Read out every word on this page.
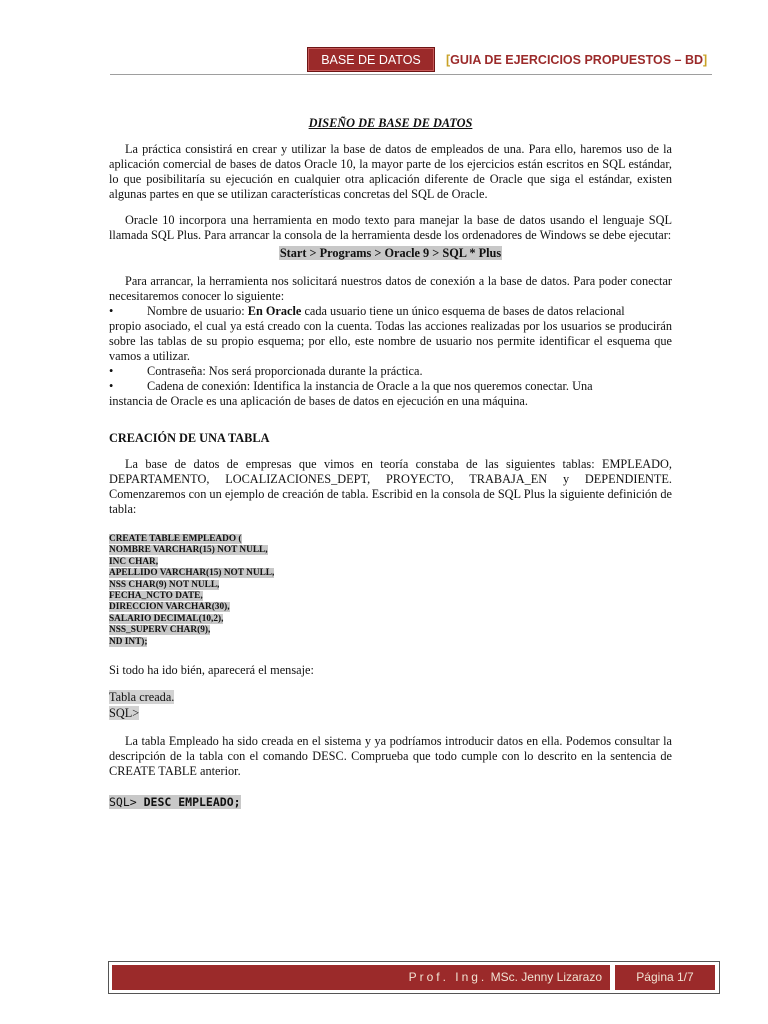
BASE DE DATOS	[GUIA DE EJERCICIOS PROPUESTOS – BD]

DISEÑO DE BASE DE DATOS

La práctica consistirá en crear y utilizar la base de datos de empleados de una. Para ello, haremos uso de la aplicación comercial de bases de datos Oracle 10, la mayor parte de los ejercicios están escritos en SQL estándar, lo que posibilitaría su ejecución en cualquier otra aplicación diferente de Oracle que siga el estándar, existen algunas partes en que se utilizan características concretas del SQL de Oracle.

Oracle 10 incorpora una herramienta en modo texto para manejar la base de datos usando el lenguaje SQL llamada SQL Plus. Para arrancar la consola de la herramienta desde los ordenadores de Windows se debe ejecutar:

Start > Programs > Oracle 9 > SQL * Plus

Para arrancar, la herramienta nos solicitará nuestros datos de conexión a la base de datos. Para poder conectar necesitaremos conocer lo siguiente:

•	Nombre de usuario: En Oracle cada usuario tiene un único esquema de bases de datos relacional

propio asociado, el cual ya está creado con la cuenta. Todas las acciones realizadas por los usuarios se producirán sobre las tablas de su propio esquema; por ello, este nombre de usuario nos permite identificar el esquema que vamos a utilizar.

•	Contraseña: Nos será proporcionada durante la práctica.
•	Cadena de conexión: Identifica la instancia de Oracle a la que nos queremos conectar. Una

instancia de Oracle es una aplicación de bases de datos en ejecución en una máquina.

CREACIÓN DE UNA TABLA

La base de datos de empresas que vimos en teoría constaba de las siguientes tablas: EMPLEADO, DEPARTAMENTO, LOCALIZACIONES_DEPT, PROYECTO, TRABAJA_EN y DEPENDIENTE. Comenzaremos con un ejemplo de creación de tabla. Escribid en la consola de SQL Plus la siguiente definición de tabla:

CREATE TABLE EMPLEADO (
NOMBRE VARCHAR(15) NOT NULL,
INC CHAR,
APELLIDO VARCHAR(15) NOT NULL,
NSS CHAR(9) NOT NULL,
FECHA_NCTO DATE,
DIRECCION VARCHAR(30),
SALARIO DECIMAL(10,2),
NSS_SUPERV CHAR(9),
ND INT);

Si todo ha ido bién, aparecerá el mensaje:

Tabla creada.
SQL>

La tabla Empleado ha sido creada en el sistema y ya podríamos introducir datos en ella. Podemos consultar la descripción de la tabla con el comando DESC. Comprueba que todo cumple con lo descrito en la sentencia de CREATE TABLE anterior.

SQL> DESC EMPLEADO;
Prof. Ing. MSc. Jenny Lizarazo	Página 1/7
